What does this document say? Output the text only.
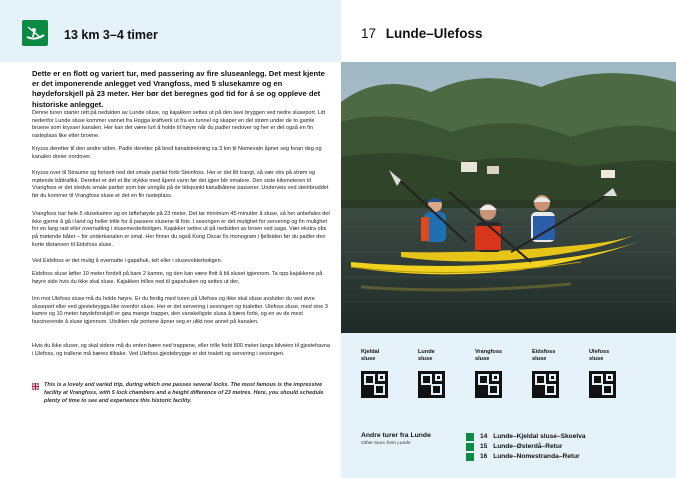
13 km 3–4 timer
Dette er en flott og variert tur, med passering av fire sluseanlegg. Det mest kjente er det imponerende anlegget ved Vrangfoss, med 5 slusekamre og en høydeforskjell på 23 meter. Her bør det beregnes god tid for å se og oppleve det historiske anlegget.
Denne turen starter rett på nedsiden av Lunde sluse, og kajakken settes ut på den lave bryggen ved nedre sluseport. Litt nedenfor Lunde sluse kommer vannet fra Hogga kraftverk ut fra en tunnel og skaper en del strøm under de to gamle bruene som krysser kanalen. Her kan det være lurt å holde til høyre når du padler nedover og her er det også en fin rasteplass like etter broene.
Krysss deretter til den andre siden. Padle deretter på bred kanalstrekning ca 3 km til Nomevatn åpner seg foran deg og kanalen dreier nordover.
Krysss over til Straume og fortsett ned det smale partiet forbi Steinfoss. Her er det litt trangt, så vær obs på strøm og møtende båttrafikk. Deretter er det et lite stykke med åpent vann før det igjen blir smalere. Den siste kilometeren til Vrangfoss er det stedvis smale partier som bør unngås på de tidspunkt kanalbåtene passerer. Underveis ved steinbruddet før du kommer til Vrangfoss sluse er det en fin rasteplass.
Vrangfoss har hele 5 slusekamre og en løftehøyde på 23 meter. Det tar minimum 45 minutter å sluse, så her anbefales det ikke gjerne å gå i land og heller trille for å passere slusene til fots. I sesongen er det mulighet for servering og fin mulighet for en lang rast eller overnatting i slusemesterboligen. Kajakker settes ut på nedsiden av broen ved saga. Vær ekstra obs på møtende båter – for underkanalen er smal. Her finner du også Kong Oscar IIs monogram i fjellsiden før du padler den korte distansen til Eidsfoss sluse.
Ved Eidsfoss er det mulig å overnatte i gapahuk, telt eller i slusevokterboligen.
Eidsfoss sluse løfter 10 meter fordelt på bare 2 kamre, og den kan være flott å bli sluset igjennom. Ta opp kajakkene på høyre side hvis du ikke skal sluse. Kajakken trilles ned til gapahuken og settes ut der.
Inn mot Ulefoss sluse må du holde høyre. Er du ferdig med turen på Ulefoss og ikke skal sluse avslutter du ved øvre sluseport eller ved gjestebrygga like ovenfor sluse. Her er det servering i sesongen og toaletter. Ulefoss sluse, med sine 3 kamre og 10 meter høydeforskjell er gøa mange trapper, den vanskeligste slusa å bære forbi, og en av de mest fascinerende å sluse igjennom. Utsikten når portene åpner seg er ulikt noe annet på kanalen.
Hvis du ikke sluser, og skal videre må du enten bære ned trappene, eller trille forbi 800 meter langs bilveien til gjestehavna i Ulefoss, og trallene må bæres tilbake. Ved Ulefoss gjestebrygge er det toalett og servering i sesongen.
This is a lovely and varied trip, during which one passes several locks. The most famous is the impressive facility at Vrangfoss, with 5 lock chambers and a height difference of 23 metres. Here, you should schedule plenty of time to see and experience this historic facility.
17 Lunde–Ulefoss
Kjeldal
sluse
Lunde
sluse
Vrangfoss
sluse
Eidsfoss
sluse
Ulefoss
sluse
Andre turer fra Lunde
Other tours from Lunde
14 Lunde–Kjeldal sluse–Skoelva
15 Lunde–Østerdå–Retur
16 Lunde–Nomestranda–Retur
